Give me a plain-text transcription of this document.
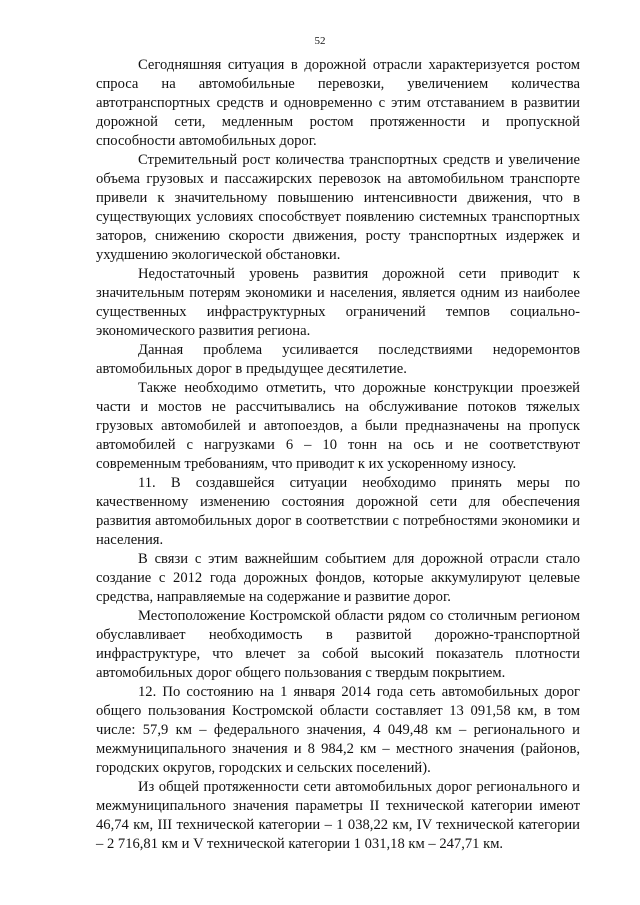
52

Сегодняшняя ситуация в дорожной отрасли характеризуется ростом спроса на автомобильные перевозки, увеличением количества автотранспортных средств и одновременно с этим отставанием в развитии дорожной сети, медленным ростом протяженности и пропускной способности автомобильных дорог.

Стремительный рост количества транспортных средств и увеличение объема грузовых и пассажирских перевозок на автомобильном транспорте привели к значительному повышению интенсивности движения, что в существующих условиях способствует появлению системных транспортных заторов, снижению скорости движения, росту транспортных издержек и ухудшению экологической обстановки.

Недостаточный уровень развития дорожной сети приводит к значительным потерям экономики и населения, является одним из наиболее существенных инфраструктурных ограничений темпов социально-экономического развития региона.

Данная проблема усиливается последствиями недоремонтов автомобильных дорог в предыдущее десятилетие.

Также необходимо отметить, что дорожные конструкции проезжей части и мостов не рассчитывались на обслуживание потоков тяжелых грузовых автомобилей и автопоездов, а были предназначены на пропуск автомобилей с нагрузками 6 – 10 тонн на ось и не соответствуют современным требованиям, что приводит к их ускоренному износу.

11. В создавшейся ситуации необходимо принять меры по качественному изменению состояния дорожной сети для обеспечения развития автомобильных дорог в соответствии с потребностями экономики и населения.

В связи с этим важнейшим событием для дорожной отрасли стало создание с 2012 года дорожных фондов, которые аккумулируют целевые средства, направляемые на содержание и развитие дорог.

Местоположение Костромской области рядом со столичным регионом обуславливает необходимость в развитой дорожно-транспортной инфраструктуре, что влечет за собой высокий показатель плотности автомобильных дорог общего пользования с твердым покрытием.

12. По состоянию на 1 января 2014 года сеть автомобильных дорог общего пользования Костромской области составляет 13 091,58 км, в том числе: 57,9 км – федерального значения, 4 049,48 км – регионального и межмуниципального значения и 8 984,2 км – местного значения (районов, городских округов, городских и сельских поселений).

Из общей протяженности сети автомобильных дорог регионального и межмуниципального значения параметры II технической категории имеют 46,74 км, III технической категории – 1 038,22 км, IV технической категории – 2 716,81 км и V технической категории 1 031,18 км – 247,71 км.
